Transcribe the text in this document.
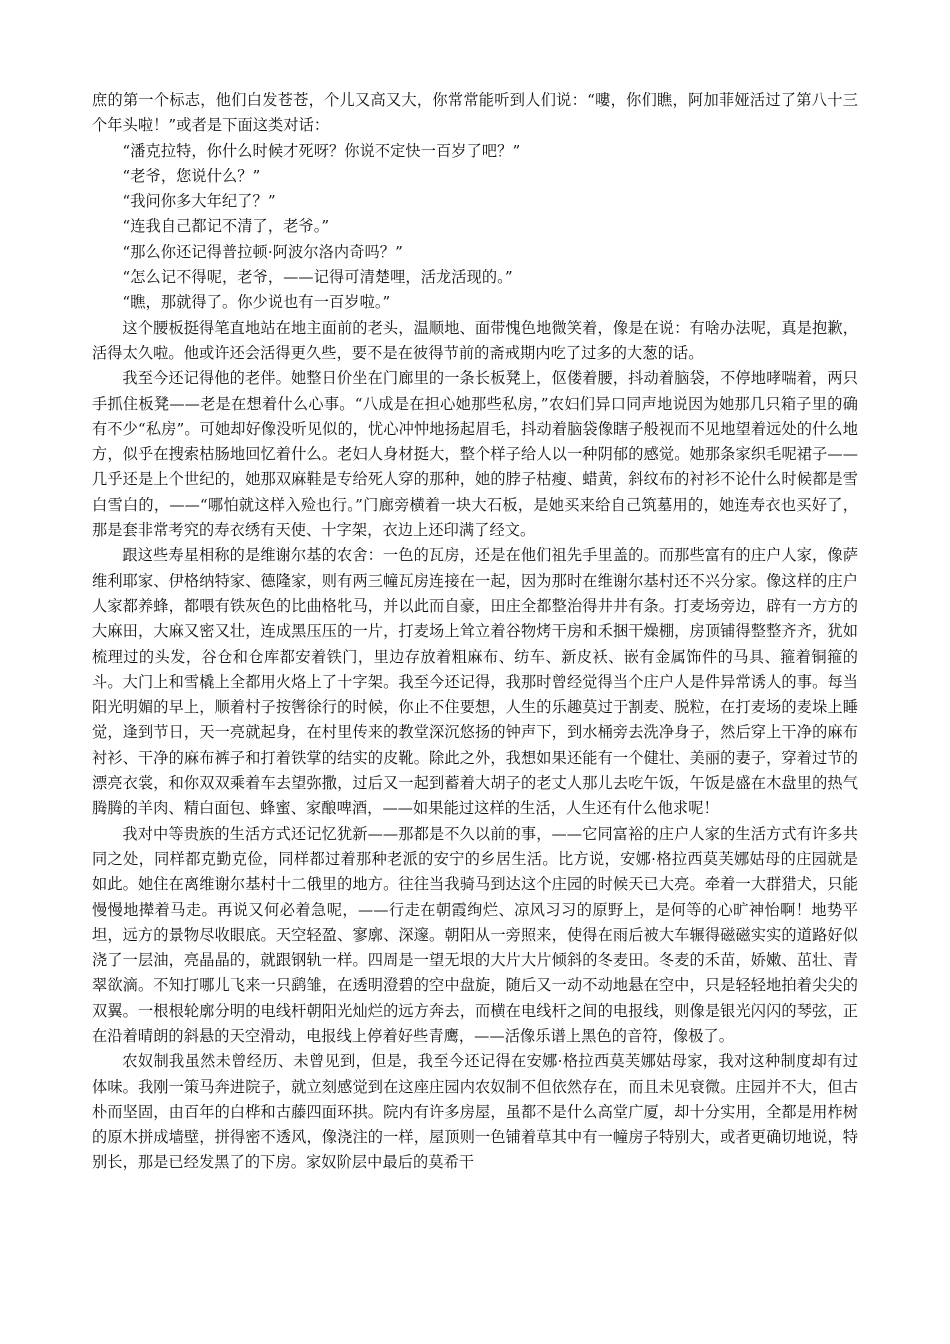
庶的第一个标志，他们白发苍苍，个儿又高又大，你常常能听到人们说：“嘍，你们瞧，阿加菲娅活过了第八十三个年头啦！”或者是下面这类对话：

“潘克拉特，你什么时候才死呀？你说不定快一百岁了吧？”

“老爷，您说什么？”

“我问你多大年纪了？”

“连我自己都记不清了，老爷。”

“那么你还记得普拉顿·阿波尔洛内奇吗？”

“怎么记不得呢，老爷，——记得可清楚哩，活龙活现的。”

“瞧，那就得了。你少说也有一百岁啦。”

这个腰板挺得笔直地站在地主面前的老头，温顺地、面带愧色地微笑着，像是在说：有啥办法呢，真是抱歉，活得太久啦。他或许还会活得更久些，要不是在彼得节前的斋戒期内吃了过多的大葱的话。

我至今还记得他的老伴。她整日价坐在门廊里的一条长板凳上，伛偻着腰，抖动着脑袋，不停地哮喘着，两只手抓住板凳——老是在想着什么心事。“八成是在担心她那些私房，”农妇们异口同声地说因为她那几只箱子里的确有不少“私房”。可她却好像没听见似的，忧心冲忡地扬起眉毛，抖动着脑袋像瞎子般视而不见地望着远处的什么地方，似乎在搜索枯肠地回忆着什么。老妇人身材挺大，整个样子给人以一种阴郁的感觉。她那条家织毛呢裙子——几乎还是上个世纪的，她那双麻鞋是专给死人穿的那种，她的脖子枯瘦、蜡黄，斜纹布的衬衫不论什么时候都是雪白雪白的，——“哪怕就这样入殓也行。”门廊旁横着一块大石板，是她买来给自己筑墓用的，她连寿衣也买好了，那是套非常考究的寿衣绣有天使、十字架，衣边上还印满了经文。

跟这些寿星相称的是维谢尔基的农舍：一色的瓦房，还是在他们祖先手里盖的。而那些富有的庄户人家，像萨维利耶家、伊格纳特家、德隆家，则有两三幢瓦房连接在一起，因为那时在维谢尔基村还不兴分家。像这样的庄户人家都养蜂，都喂有铁灰色的比曲格牝马，并以此而自豪，田庄全都整治得井井有条。打麦场旁边，辟有一方方的大麻田，大麻又密又壮，连成黑压压的一片，打麦场上耸立着谷物烤干房和禾捆干燥棚，房顶铺得整整齐齐，犹如梳理过的头发，谷仓和仓库都安着铁门，里边存放着粗麻布、纺车、新皮袄、嵌有金属饰件的马具、箍着铜箍的斗。大门上和雪橇上全都用火烙上了十字架。我至今还记得，我那时曾经觉得当个庄户人是件异常诱人的事。每当阳光明媚的早上，顺着村子按辔徐行的时候，你止不住要想，人生的乐趣莫过于割麦、脱粒，在打麦场的麦垛上睡觉，逢到节日，天一亮就起身，在村里传来的教堂深沉悠扬的钟声下，到水桶旁去洗净身子，然后穿上干净的麻布衬衫、干净的麻布裤子和打着铁掌的结实的皮靴。除此之外，我想如果还能有一个健壮、美丽的妻子，穿着过节的漂亮衣裳，和你双双乘着车去望弥撒，过后又一起到蓄着大胡子的老丈人那儿去吃午饭，午饭是盛在木盘里的热气腾腾的羊肉、精白面包、蜂蜜、家酿啤酒，——如果能过这样的生活，人生还有什么他求呢！

我对中等贵族的生活方式还记忆犹新——那都是不久以前的事，——它同富裕的庄户人家的生活方式有许多共同之处，同样都克勤克俭，同样都过着那种老派的安宁的乡居生活。比方说，安娜·格拉西莫芙娜姑母的庄园就是如此。她住在离维谢尔基村十二俄里的地方。往往当我骑马到达这个庄园的时候天已大亮。牵着一大群猎犬，只能慢慢地撵着马走。再说又何必着急呢，——行走在朝霞绚烂、凉风习习的原野上，是何等的心旷神怡啊！地势平坦，远方的景物尽收眼底。天空轻盈、寥廓、深邃。朝阳从一旁照来，使得在雨后被大车辗得磁磁实实的道路好似浇了一层油，亮晶晶的，就跟钢轨一样。四周是一望无垠的大片大片倾斜的冬麦田。冬麦的禾苗，娇嫩、茁壮、青翠欲滴。不知打哪儿飞来一只鹞雏，在透明澄碧的空中盘旋，随后又一动不动地悬在空中，只是轻轻地拍着尖尖的双翼。一根根轮廓分明的电线杆朝阳光灿烂的远方奔去，而横在电线杆之间的电报线，则像是银光闪闪的琴弦，正在沿着晴朗的斜悬的天空滑动，电报线上停着好些青鹰，——活像乐谱上黑色的音符，像极了。

农奴制我虽然未曾经历、未曾见到，但是，我至今还记得在安娜·格拉西莫芙娜姑母家，我对这种制度却有过体味。我刚一策马奔进院子，就立刻感觉到在这座庄园内农奴制不但依然存在，而且未见衰微。庄园并不大，但古朴而坚固，由百年的白桦和古藤四面环拱。院内有许多房屋，虽都不是什么高堂广厦，却十分实用，全都是用柞树的原木拼成墙壁，拼得密不透风，像浇注的一样，屋顶则一色铺着草其中有一幢房子特别大，或者更确切地说，特别长，那是已经发黑了的下房。家奴阶层中最后的莫希干
